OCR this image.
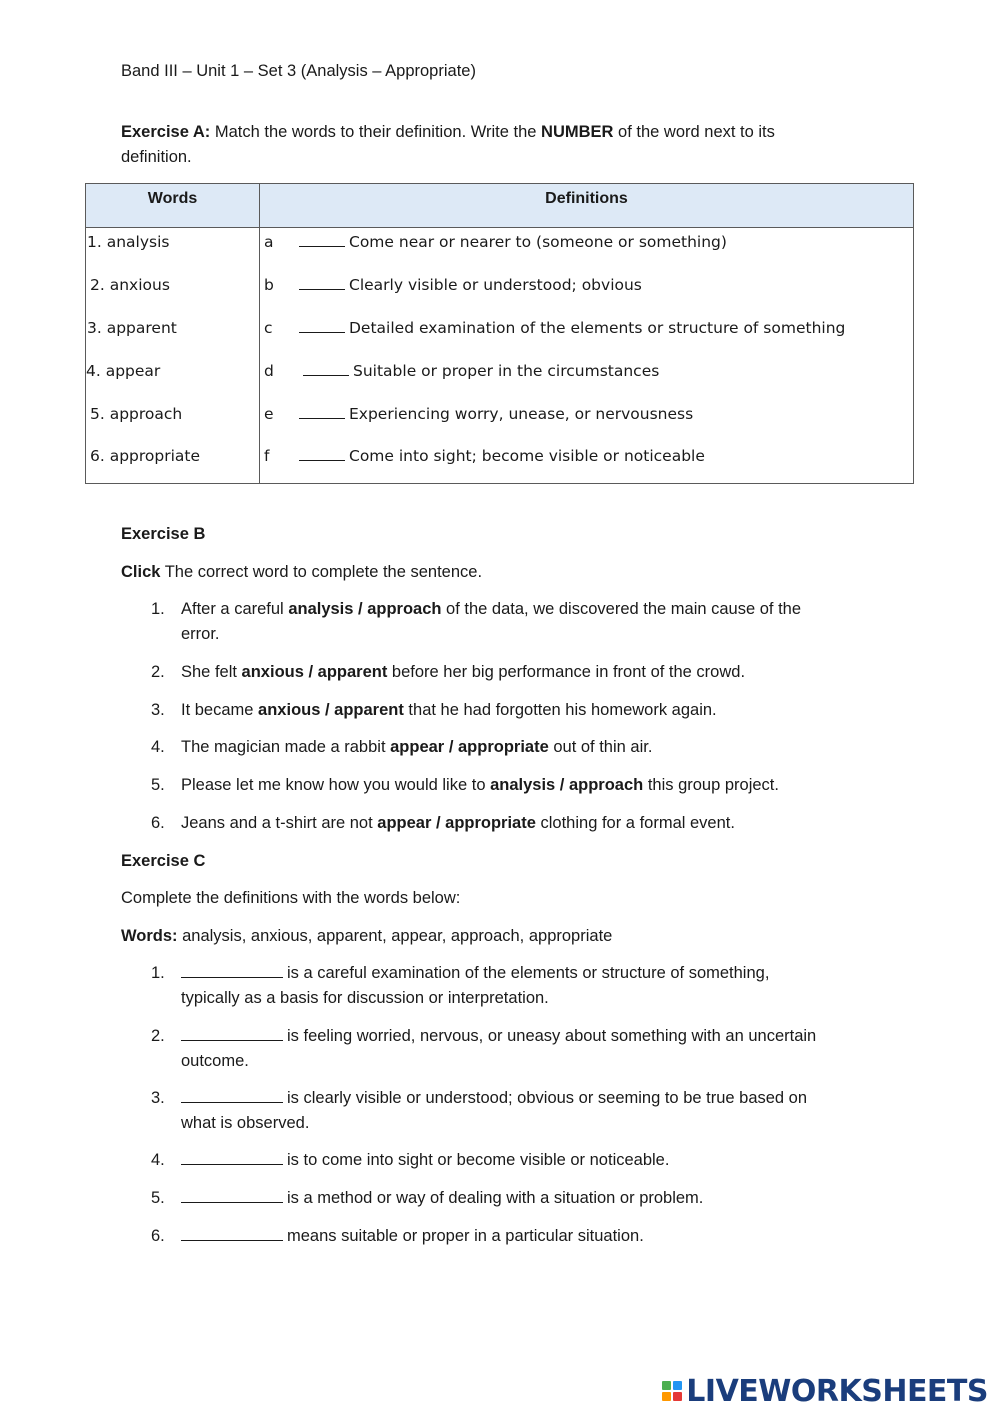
Band III – Unit 1 – Set 3 (Analysis – Appropriate)
Exercise A: Match the words to their definition. Write the NUMBER of the word next to its
definition.
Words	Definitions
1. analysis	a	Come near or nearer to (someone or something)
2. anxious	b	Clearly visible or understood; obvious
3. apparent	c	Detailed examination of the elements or structure of something
4. appear	d	Suitable or proper in the circumstances
5. approach	e	Experiencing worry, unease, or nervousness
6. appropriate	f	Come into sight; become visible or noticeable
Exercise B
Click The correct word to complete the sentence.
1. After a careful analysis / approach of the data, we discovered the main cause of the
error.
2. She felt anxious / apparent before her big performance in front of the crowd.
3. It became anxious / apparent that he had forgotten his homework again.
4. The magician made a rabbit appear / appropriate out of thin air.
5. Please let me know how you would like to analysis / approach this group project.
6. Jeans and a t-shirt are not appear / appropriate clothing for a formal event.
Exercise C
Complete the definitions with the words below:
Words: analysis, anxious, apparent, appear, approach, appropriate
1.	is a careful examination of the elements or structure of something,
typically as a basis for discussion or interpretation.
2.	is feeling worried, nervous, or uneasy about something with an uncertain
outcome.
3.	is clearly visible or understood; obvious or seeming to be true based on
what is observed.
4.	is to come into sight or become visible or noticeable.
5.	is a method or way of dealing with a situation or problem.
6.	means suitable or proper in a particular situation.
LIVEWORKSHEETS
